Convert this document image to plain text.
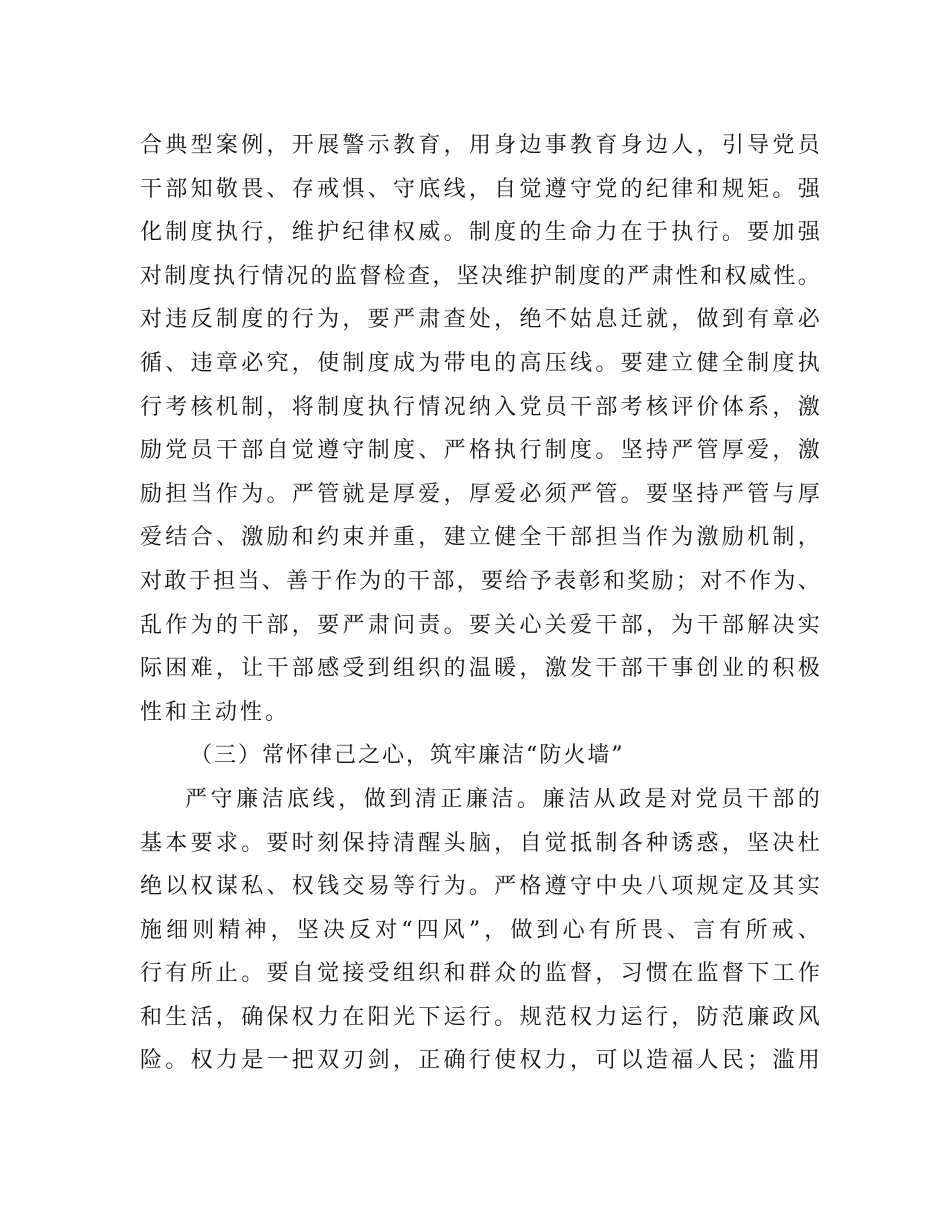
合 典 型 案 例 ， 开 展 警 示 教 育 ， 用 身 边 事 教 育 身 边 人 ， 引 导 党 员
干 部 知 敬 畏 、 存 戒 惧 、 守 底 线 ， 自 觉 遵 守 党 的 纪 律 和 规 矩 。 强
化 制 度 执 行 ， 维 护 纪 律 权 威 。 制 度 的 生 命 力 在 于 执 行 。 要 加 强
对 制 度 执 行 情 况 的 监 督 检 查 ， 坚 决 维 护 制 度 的 严 肃 性 和 权 威 性 。
对 违 反 制 度 的 行 为 ， 要 严 肃 查 处 ， 绝 不 姑 息 迁 就 ， 做 到 有 章 必
循 、 违 章 必 究 ， 使 制 度 成 为 带 电 的 高 压 线 。 要 建 立 健 全 制 度 执
行 考 核 机 制 ， 将 制 度 执 行 情 况 纳 入 党 员 干 部 考 核 评 价 体 系 ， 激
励 党 员 干 部 自 觉 遵 守 制 度 、 严 格 执 行 制 度 。 坚 持 严 管 厚 爱 ， 激
励 担 当 作 为 。 严 管 就 是 厚 爱 ， 厚 爱 必 须 严 管 。 要 坚 持 严 管 与 厚
爱 结 合 、 激 励 和 约 束 并 重 ， 建 立 健 全 干 部 担 当 作 为 激 励 机 制 ，
对 敢 于 担 当 、 善 于 作 为 的 干 部 ， 要 给 予 表 彰 和 奖 励 ； 对 不 作 为 、
乱 作 为 的 干 部 ， 要 严 肃 问 责 。 要 关 心 关 爱 干 部 ， 为 干 部 解 决 实
际 困 难 ， 让 干 部 感 受 到 组 织 的 温 暖 ， 激 发 干 部 干 事 创 业 的 积 极
性和主动性。
（三）常怀律己之心，筑牢廉洁“防火墙”
严 守 廉 洁 底 线 ， 做 到 清 正 廉 洁 。 廉 洁 从 政 是 对 党 员 干 部 的
基 本 要 求 。 要 时 刻 保 持 清 醒 头 脑 ， 自 觉 抵 制 各 种 诱 惑 ， 坚 决 杜
绝 以 权 谋 私 、 权 钱 交 易 等 行 为 。 严 格 遵 守 中 央 八 项 规 定 及 其 实
施 细 则 精 神 ， 坚 决 反 对 “ 四 风 ” ， 做 到 心 有 所 畏 、 言 有 所 戒 、
行 有 所 止 。 要 自 觉 接 受 组 织 和 群 众 的 监 督 ， 习 惯 在 监 督 下 工 作
和 生 活 ， 确 保 权 力 在 阳 光 下 运 行 。 规 范 权 力 运 行 ， 防 范 廉 政 风
险 。 权 力 是 一 把 双 刃 剑 ， 正 确 行 使 权 力 ， 可 以 造 福 人 民 ； 滥 用
